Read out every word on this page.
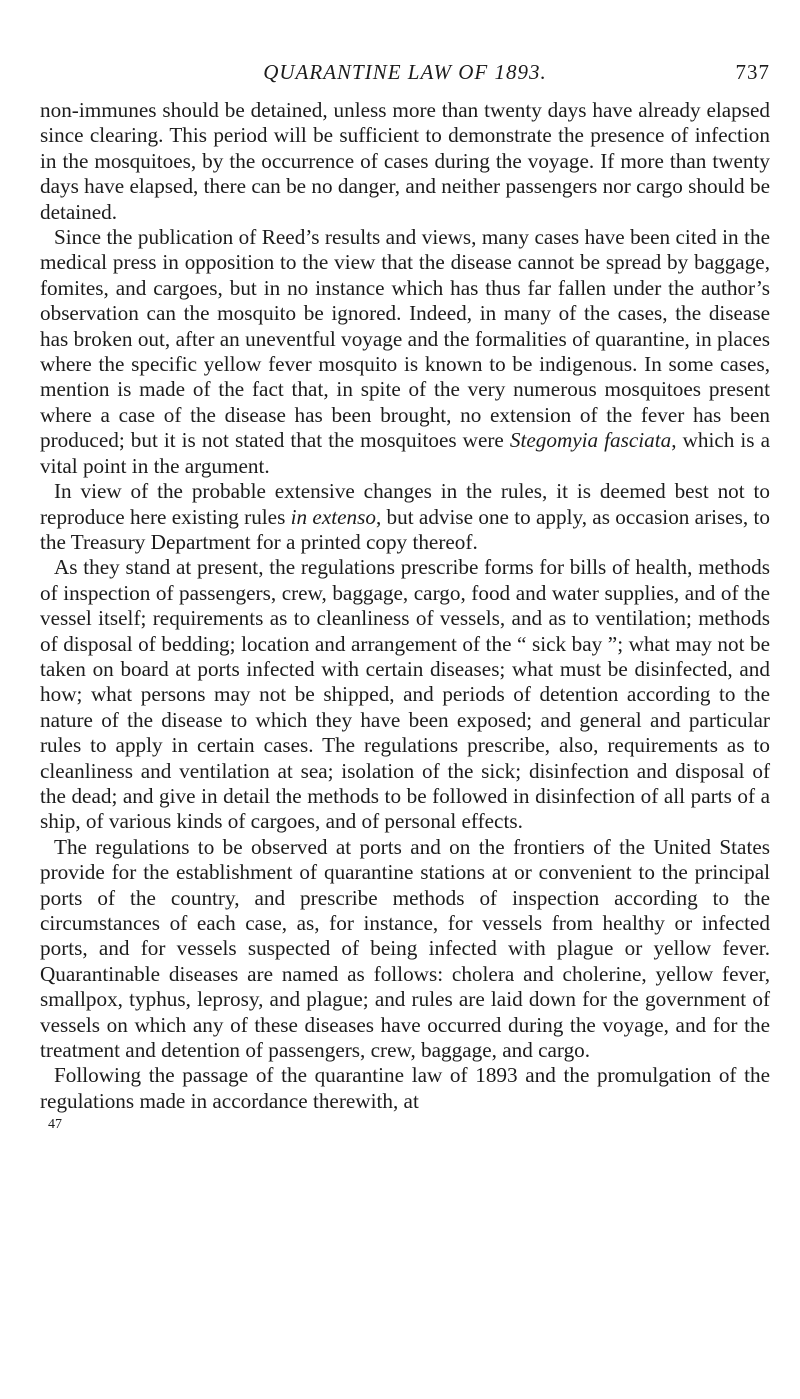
QUARANTINE LAW OF 1893.	737

non-immunes should be detained, unless more than twenty days have already elapsed since clearing. This period will be sufficient to demonstrate the presence of infection in the mosquitoes, by the occurrence of cases during the voyage. If more than twenty days have elapsed, there can be no danger, and neither passengers nor cargo should be detained.

Since the publication of Reed’s results and views, many cases have been cited in the medical press in opposition to the view that the disease cannot be spread by baggage, fomites, and cargoes, but in no instance which has thus far fallen under the author’s observation can the mosquito be ignored. Indeed, in many of the cases, the disease has broken out, after an uneventful voyage and the formalities of quarantine, in places where the specific yellow fever mosquito is known to be indigenous. In some cases, mention is made of the fact that, in spite of the very numerous mosquitoes present where a case of the disease has been brought, no extension of the fever has been produced; but it is not stated that the mosquitoes were Stegomyia fasciata, which is a vital point in the argument.

In view of the probable extensive changes in the rules, it is deemed best not to reproduce here existing rules in extenso, but advise one to apply, as occasion arises, to the Treasury Department for a printed copy thereof.

As they stand at present, the regulations prescribe forms for bills of health, methods of inspection of passengers, crew, baggage, cargo, food and water supplies, and of the vessel itself; requirements as to cleanliness of vessels, and as to ventilation; methods of disposal of bedding; location and arrangement of the “ sick bay ”; what may not be taken on board at ports infected with certain diseases; what must be disinfected, and how; what persons may not be shipped, and periods of detention according to the nature of the disease to which they have been exposed; and general and particular rules to apply in certain cases. The regulations prescribe, also, requirements as to cleanliness and ventilation at sea; isolation of the sick; disinfection and disposal of the dead; and give in detail the methods to be followed in disinfection of all parts of a ship, of various kinds of cargoes, and of personal effects.

The regulations to be observed at ports and on the frontiers of the United States provide for the establishment of quarantine stations at or convenient to the principal ports of the country, and prescribe methods of inspection according to the circumstances of each case, as, for instance, for vessels from healthy or infected ports, and for vessels suspected of being infected with plague or yellow fever. Quarantinable diseases are named as follows: cholera and cholerine, yellow fever, smallpox, typhus, leprosy, and plague; and rules are laid down for the government of vessels on which any of these diseases have occurred during the voyage, and for the treatment and detention of passengers, crew, baggage, and cargo.

Following the passage of the quarantine law of 1893 and the promulgation of the regulations made in accordance therewith, at

47
